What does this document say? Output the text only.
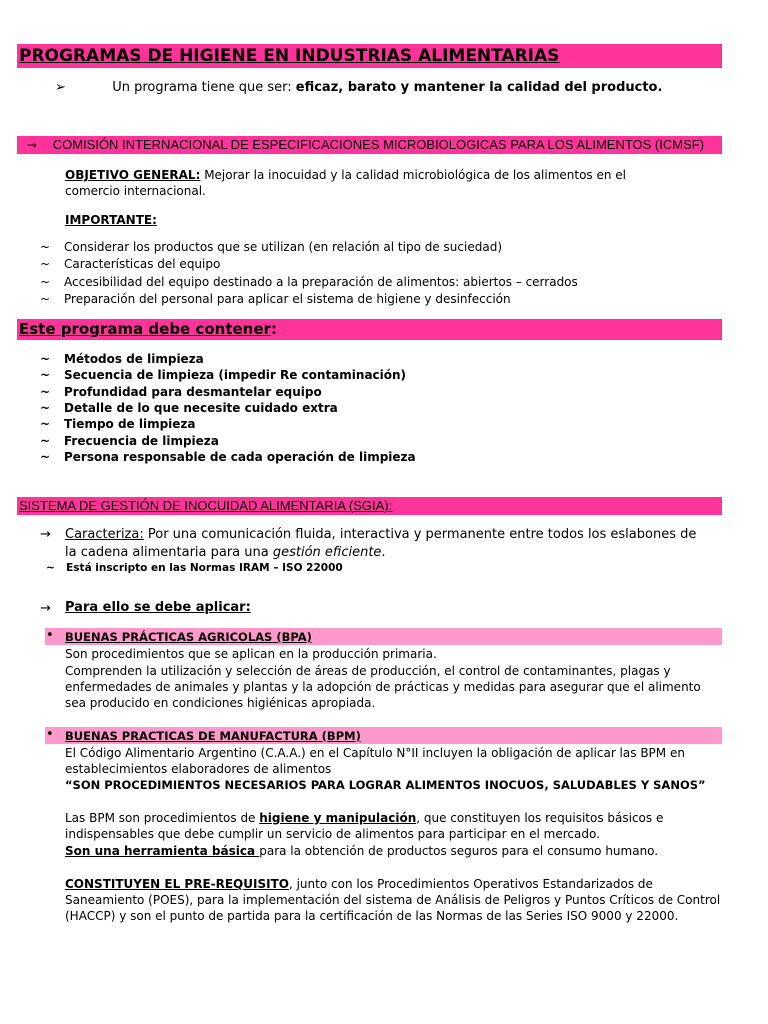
PROGRAMAS DE HIGIENE EN INDUSTRIAS ALIMENTARIAS
➢	Un programa tiene que ser: eficaz, barato y mantener la calidad del producto.
→ COMISIÓN INTERNACIONAL DE ESPECIFICACIONES MICROBIOLOGICAS PARA LOS ALIMENTOS (ICMSF)
OBJETIVO GENERAL: Mejorar la inocuidad y la calidad microbiológica de los alimentos en el comercio internacional.
IMPORTANTE:
~ Considerar los productos que se utilizan (en relación al tipo de suciedad)
~ Características del equipo
~ Accesibilidad del equipo destinado a la preparación de alimentos: abiertos – cerrados
~ Preparación del personal para aplicar el sistema de higiene y desinfección
Este programa debe contener:
~ Métodos de limpieza
~ Secuencia de limpieza (impedir Re contaminación)
~ Profundidad para desmantelar equipo
~ Detalle de lo que necesite cuidado extra
~ Tiempo de limpieza
~ Frecuencia de limpieza
~ Persona responsable de cada operación de limpieza
SISTEMA DE GESTIÓN DE INOCUIDAD ALIMENTARIA (SGIA):
→ Caracteriza: Por una comunicación fluida, interactiva y permanente entre todos los eslabones de la cadena alimentaria para una gestión eficiente.
~ Está inscripto en las Normas IRAM – ISO 22000
→ Para ello se debe aplicar:
• BUENAS PRÁCTICAS AGRICOLAS (BPA)
Son procedimientos que se aplican en la producción primaria.
Comprenden la utilización y selección de áreas de producción, el control de contaminantes, plagas y enfermedades de animales y plantas y la adopción de prácticas y medidas para asegurar que el alimento sea producido en condiciones higiénicas apropiada.
• BUENAS PRACTICAS DE MANUFACTURA (BPM)
El Código Alimentario Argentino (C.A.A.) en el Capítulo N°II incluyen la obligación de aplicar las BPM en establecimientos elaboradores de alimentos
“SON PROCEDIMIENTOS NECESARIOS PARA LOGRAR ALIMENTOS INOCUOS, SALUDABLES Y SANOS”
Las BPM son procedimientos de higiene y manipulación, que constituyen los requisitos básicos e indispensables que debe cumplir un servicio de alimentos para participar en el mercado.
Son una herramienta básica para la obtención de productos seguros para el consumo humano.
CONSTITUYEN EL PRE-REQUISITO, junto con los Procedimientos Operativos Estandarizados de Saneamiento (POES), para la implementación del sistema de Análisis de Peligros y Puntos Críticos de Control (HACCP) y son el punto de partida para la certificación de las Normas de las Series ISO 9000 y 22000.
